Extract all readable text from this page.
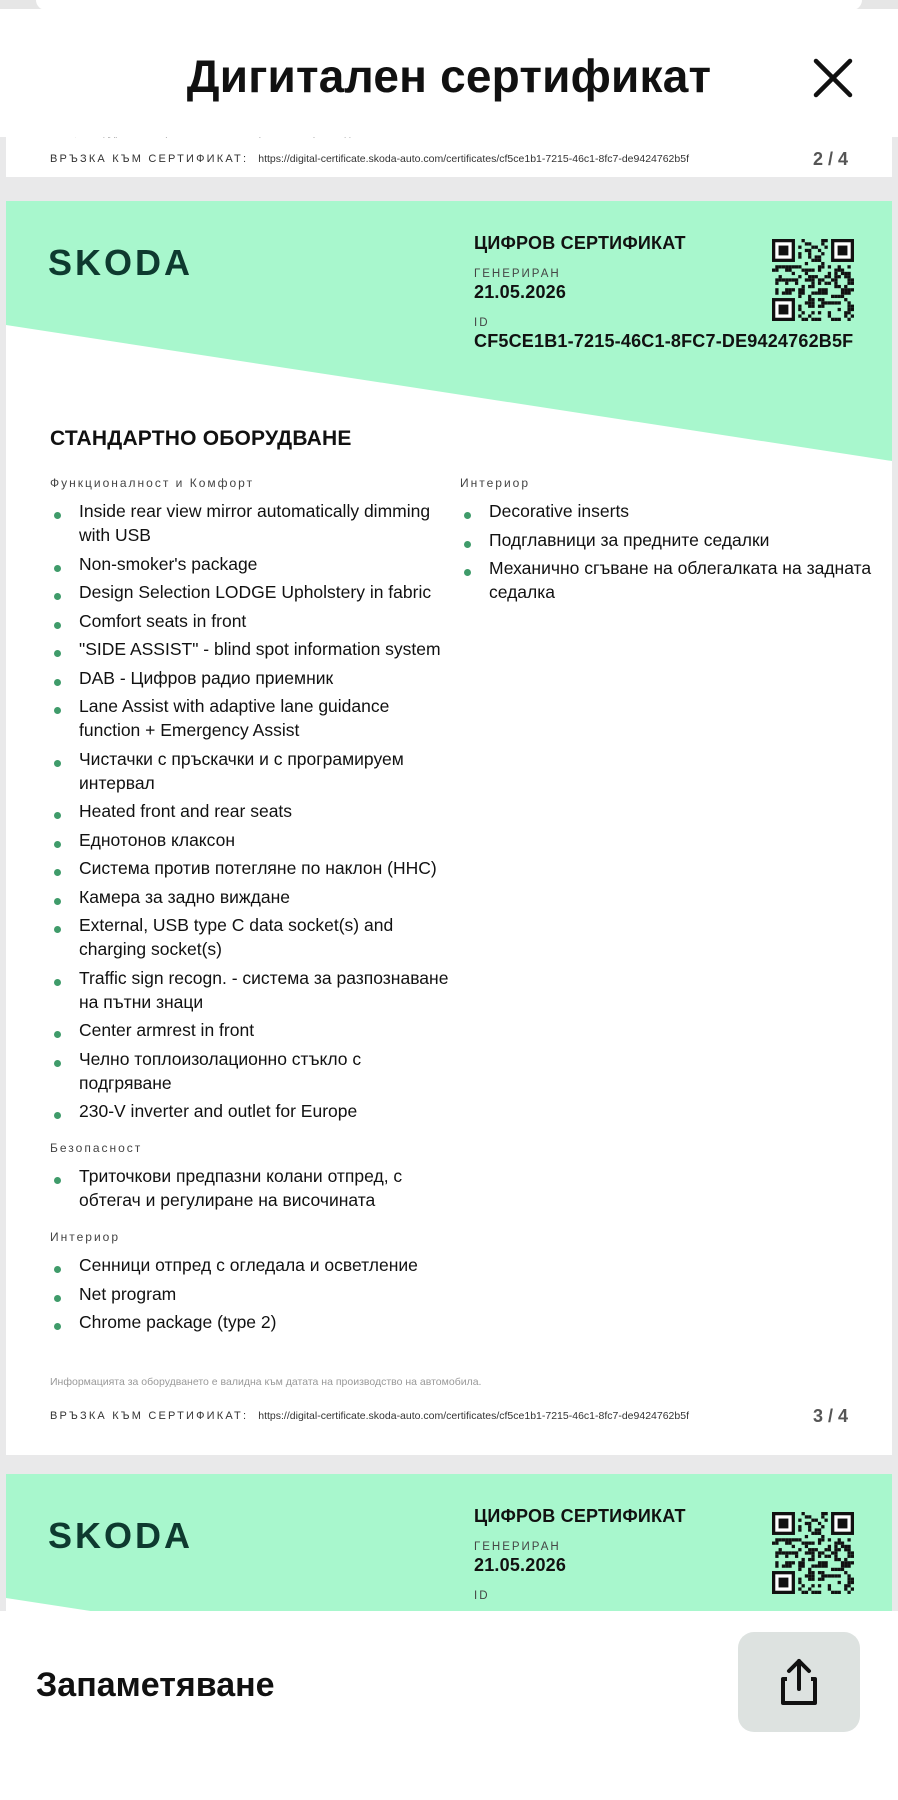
Дигитален сертификат
ВРЪЗКА КЪМ СЕРТИФИКАТ: https://digital-certificate.skoda-auto.com/certificates/cf5ce1b1-7215-46c1-8fc7-de9424762b5f	2 / 4
SKODA	ЦИФРОВ СЕРТИФИКАТ
ГЕНЕРИРАН
21.05.2026
ID
CF5CE1B1-7215-46C1-8FC7-DE9424762B5F
СТАНДАРТНО ОБОРУДВАНЕ
Функционалност и Комфорт
Inside rear view mirror automatically dimming with USB
Non-smoker's package
Design Selection LODGE Upholstery in fabric
Comfort seats in front
"SIDE ASSIST" - blind spot information system
DAB - Цифров радио приемник
Lane Assist with adaptive lane guidance function + Emergency Assist
Чистачки с пръскачки и с програмируем интервал
Heated front and rear seats
Еднотонов клаксон
Система против потегляне по наклон (HHC)
Камера за задно виждане
External, USB type C data socket(s) and charging socket(s)
Traffic sign recogn. - система за разпознаване на пътни знаци
Center armrest in front
Челно топлоизолационно стъкло с подгряване
230-V inverter and outlet for Europe
Безопасност
Триточкови предпазни колани отпред, с обтегач и регулиране на височината
Интериор
Сенници отпред с огледала и осветление
Net program
Chrome package (type 2)
Интериор
Decorative inserts
Подглавници за предните седалки
Механично сгъване на облегалката на задната седалка
Информацията за оборудването е валидна към датата на производство на автомобила.
ВРЪЗКА КЪМ СЕРТИФИКАТ: https://digital-certificate.skoda-auto.com/certificates/cf5ce1b1-7215-46c1-8fc7-de9424762b5f	3 / 4
SKODA	ЦИФРОВ СЕРТИФИКАТ
ГЕНЕРИРАН
21.05.2026
ID
Запаметяване
